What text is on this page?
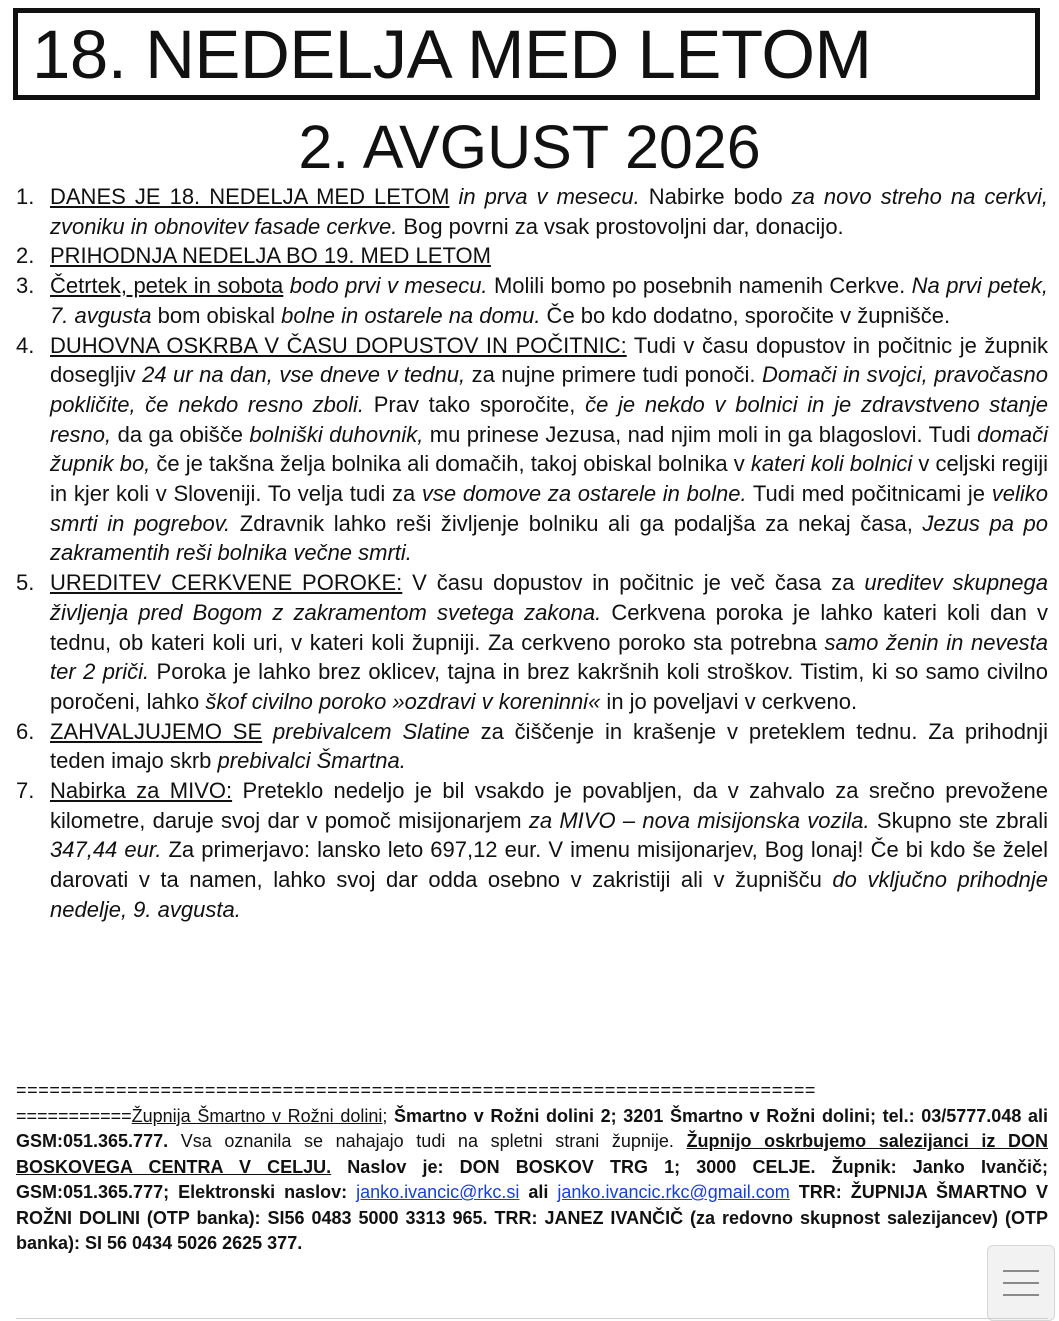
18. NEDELJA MED LETOM
2. AVGUST 2026
1. DANES JE 18. NEDELJA MED LETOM in prva v mesecu. Nabirke bodo za novo streho na cerkvi, zvoniku in obnovitev fasade cerkve. Bog povrni za vsak prostovoljni dar, donacijo.
2. PRIHODNJA NEDELJA BO 19. MED LETOM
3. Četrtek, petek in sobota bodo prvi v mesecu. Molili bomo po posebnih namenih Cerkve. Na prvi petek, 7. avgusta bom obiskal bolne in ostarele na domu. Če bo kdo dodatno, sporočite v župnišče.
4. DUHOVNA OSKRBA V ČASU DOPUSTOV IN POČITNIC: Tudi v času dopustov in počitnic je župnik dosegljiv 24 ur na dan, vse dneve v tednu, za nujne primere tudi ponoči. Domači in svojci, pravočasno pokličite, če nekdo resno zboli. Prav tako sporočite, če je nekdo v bolnici in je zdravstveno stanje resno, da ga obišče bolniški duhovnik, mu prinese Jezusa, nad njim moli in ga blagoslovi. Tudi domači župnik bo, če je takšna želja bolnika ali domačih, takoj obiskal bolnika v kateri koli bolnici v celjski regiji in kjer koli v Sloveniji. To velja tudi za vse domove za ostarele in bolne. Tudi med počitnicami je veliko smrti in pogrebov. Zdravnik lahko reši življenje bolniku ali ga podaljša za nekaj časa, Jezus pa po zakramentih reši bolnika večne smrti.
5. UREDITEV CERKVENE POROKE: V času dopustov in počitnic je več časa za ureditev skupnega življenja pred Bogom z zakramentom svetega zakona. Cerkvena poroka je lahko kateri koli dan v tednu, ob kateri koli uri, v kateri koli župniji. Za cerkveno poroko sta potrebna samo ženin in nevesta ter 2 priči. Poroka je lahko brez oklicev, tajna in brez kakršnih koli stroškov. Tistim, ki so samo civilno poročeni, lahko škof civilno poroko »ozdravi v koreninni« in jo poveljavi v cerkveno.
6. ZAHVALJUJEMO SE prebivalcem Slatine za čiščenje in krašenje v preteklem tednu. Za prihodnji teden imajo skrb prebivalci Šmartna.
7. Nabirka za MIVO: Preteklo nedeljo je bil vsakdo je povabljen, da v zahvalo za srečno prevožene kilometre, daruje svoj dar v pomoč misijonarjem za MIVO – nova misijonska vozila. Skupno ste zbrali 347,44 eur. Za primerjavo: lansko leto 697,12 eur. V imenu misijonarjev, Bog lonaj! Če bi kdo še želel darovati v ta namen, lahko svoj dar odda osebno v zakristiji ali v župnišču do vključno prihodnje nedelje, 9. avgusta.
========================================================================
===========Župnija Šmartno v Rožni dolini; Šmartno v Rožni dolini 2; 3201 Šmartno v Rožni dolini; tel.: 03/5777.048 ali GSM:051.365.777. Vsa oznanila se nahajajo tudi na spletni strani župnije. Župnijo oskrbujemo salezijanci iz DON BOSKOVEGA CENTRA V CELJU. Naslov je: DON BOSKOV TRG 1; 3000 CELJE. Župnik: Janko Ivančič; GSM:051.365.777; Elektronski naslov: janko.ivancic@rkc.si ali janko.ivancic.rkc@gmail.com TRR: ŽUPNIJA ŠMARTNO V ROŽNI DOLINI (OTP banka): SI56 0483 5000 3313 965. TRR: JANEZ IVANČIČ (za redovno skupnost salezijancev) (OTP banka): SI 56 0434 5026 2625 377.
